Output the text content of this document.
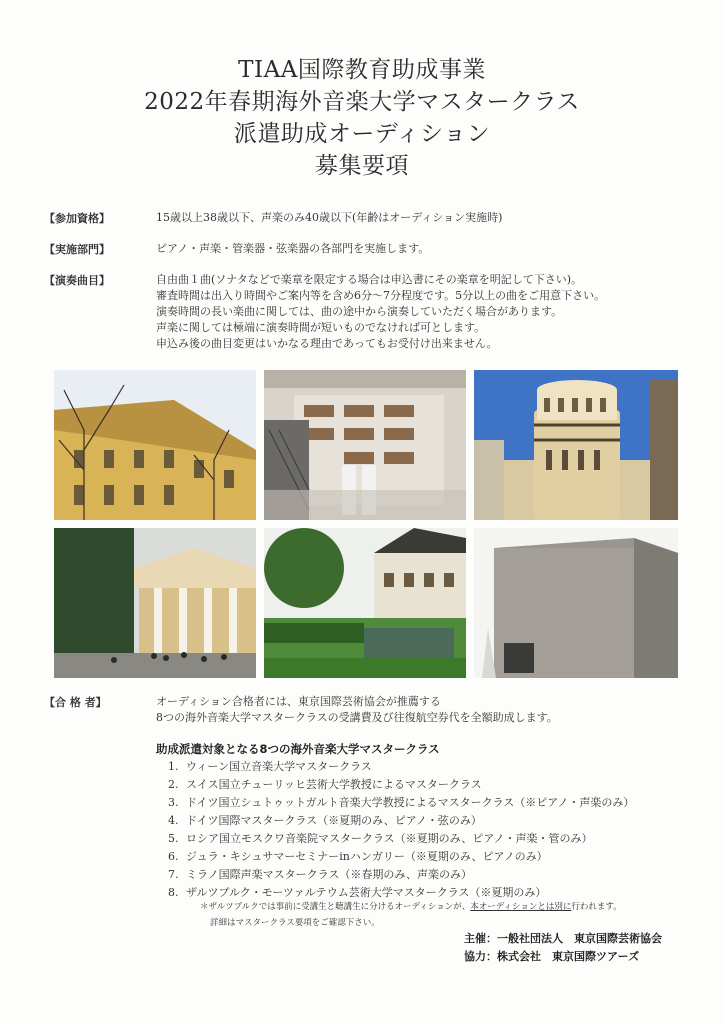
TIAA国際教育助成事業
2022年春期海外音楽大学マスタークラス
派遣助成オーディション
募集要項
【参加資格】	15歳以上38歳以下、声楽のみ40歳以下(年齢はオーディション実施時)
【実施部門】	ピアノ・声楽・管楽器・弦楽器の各部門を実施します。
【演奏曲目】	自由曲１曲(ソナタなどで楽章を限定する場合は申込書にその楽章を明記して下さい)。
審査時間は出入り時間やご案内等を含め6分〜7分程度です。5分以上の曲をご用意下さい。
演奏時間の長い楽曲に関しては、曲の途中から演奏していただく場合があります。
声楽に関しては極端に演奏時間が短いものでなければ可とします。
申込み後の曲目変更はいかなる理由であってもお受付け出来ません。
【合 格 者】	オーディション合格者には、東京国際芸術協会が推薦する
8つの海外音楽大学マスタークラスの受講費及び往復航空券代を全額助成します。
助成派遣対象となる8つの海外音楽大学マスタークラス
1. ウィーン国立音楽大学マスタークラス
2. スイス国立チューリッヒ芸術大学教授によるマスタークラス
3. ドイツ国立シュトゥットガルト音楽大学教授によるマスタークラス（※ピアノ・声楽のみ）
4. ドイツ国際マスタークラス（※夏期のみ、ピアノ・弦のみ）
5. ロシア国立モスクワ音楽院マスタークラス（※夏期のみ、ピアノ・声楽・管のみ）
6. ジュラ・キシュサマーセミナーinハンガリー（※夏期のみ、ピアノのみ）
7. ミラノ国際声楽マスタークラス（※春期のみ、声楽のみ）
8. ザルツブルク・モーツァルテウム芸術大学マスタークラス（※夏期のみ）
＊ザルツブルクでは事前に受講生と聴講生に分けるオーディションが、本オーディションとは別に行われます。
詳細はマスタークラス要項をご確認下さい。
主催：一般社団法人　東京国際芸術協会
協力：株式会社　東京国際ツアーズ
